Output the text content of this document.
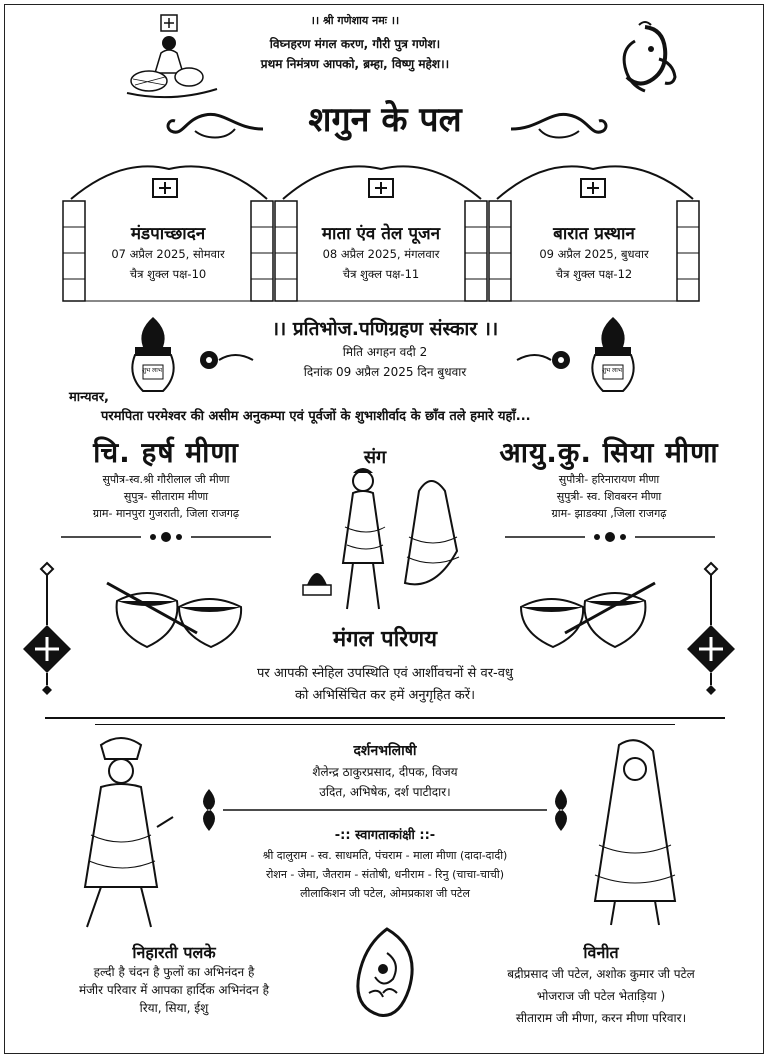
।। श्री गणेशाय नमः ।।
विघ्नहरण मंगल करण, गौरी पुत्र गणेश।
प्रथम निमंत्रण आपको, ब्रम्हा, विष्णु महेश।।
शगुन के पल
मंडपाच्छादन
07 अप्रैल 2025, सोमवार
चैत्र शुक्ल पक्ष-10
माता एंव तेल पूजन
08 अप्रैल 2025, मंगलवार
चैत्र शुक्ल पक्ष-11
बारात प्रस्थान
09 अप्रैल 2025, बुधवार
चैत्र शुक्ल पक्ष-12
शुभ लाभ	शुभ लाभ
।। प्रतिभोज.पणिग्रहण संस्कार ।।
मिति अगहन वदी 2
दिनांक 09 अप्रैल 2025 दिन बुधवार
मान्यवर,
परमपिता परमेश्वर की असीम अनुकम्पा एवं पूर्वजों के शुभाशीर्वाद के छाँव तले हमारे यहाँ...
चि. हर्ष मीणा
सुपौत्र-स्व.श्री गौरीलाल जी मीणा
सुपुत्र- सीताराम मीणा
ग्राम- मानपुरा गुजराती, जिला राजगढ़
संग	आयु.कु. सिया मीणा
सुपौत्री- हरिनारायण मीणा
सुपुत्री- स्व. शिवबरन मीणा
ग्राम- झाडक्या ,जिला राजगढ़
मंगल परिणय
पर आपकी स्नेहिल उपस्थिति एवं आर्शीवचनों से वर-वधु
को अभिसिंचित कर हमें अनुगृहित करें।
दर्शनभलिाषी
शैलेन्द्र ठाकुरप्रसाद, दीपक, विजय
उदित, अभिषेक, दर्श पाटीदार।
-:: स्वागताकांक्षी ::-
श्री दालुराम - स्व. साधमति, पंचराम - माला मीणा (दादा-दादी)
रोशन - जेमा, जैतराम - संतोषी, धनीराम - रिनु (चाचा-चाची)
लीलाकिशन जी पटेल, ओमप्रकाश जी पटेल
निहारती पलके
हल्दी है चंदन है फुलों का अभिनंदन है
मंजीर परिवार में आपका हार्दिक अभिनंदन है
रिया, सिया, ईशु
विनीत
बद्रीप्रसाद जी पटेल, अशोक कुमार जी पटेल
भोजराज जी पटेल भेताड़िया )
सीताराम जी मीणा, करन मीणा परिवार।
